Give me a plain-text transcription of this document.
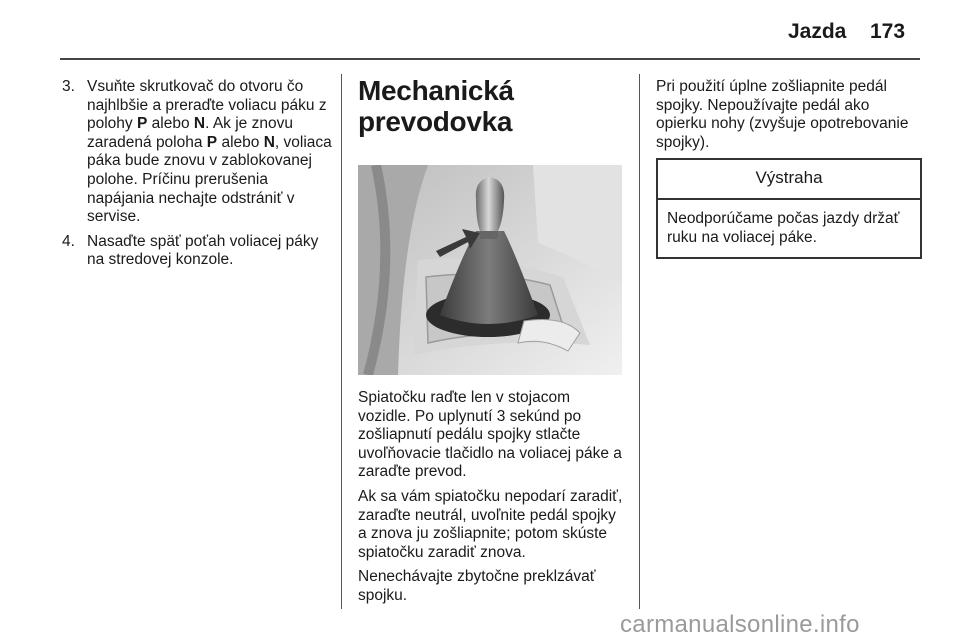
Jazda 173
3. Vsuňte skrutkovač do otvoru čo najhlbšie a preraďte voliacu páku z polohy P alebo N. Ak je znovu zaradená poloha P alebo N, voliaca páka bude znovu v zablokovanej polohe. Príčinu prerušenia napájania nechajte odstrániť v servise.
4. Nasaďte späť poťah voliacej páky na stredovej konzole.
Mechanická prevodovka

Spiatočku raďte len v stojacom vozidle. Po uplynutí 3 sekúnd po zošliapnutí pedálu spojky stlačte uvoľňovacie tlačidlo na voliacej páke a zaraďte prevod.

Ak sa vám spiatočku nepodarí zaradiť, zaraďte neutrál, uvoľnite pedál spojky a znova ju zošliapnite; potom skúste spiatočku zaradiť znova.

Nenechávajte zbytočne preklzávať spojku.

Pri použití úplne zošliapnite pedál spojky. Nepoužívajte pedál ako opierku nohy (zvyšuje opotrebovanie spojky).

Výstraha
Neodporúčame počas jazdy držať ruku na voliacej páke.
carmanualsonline.info
